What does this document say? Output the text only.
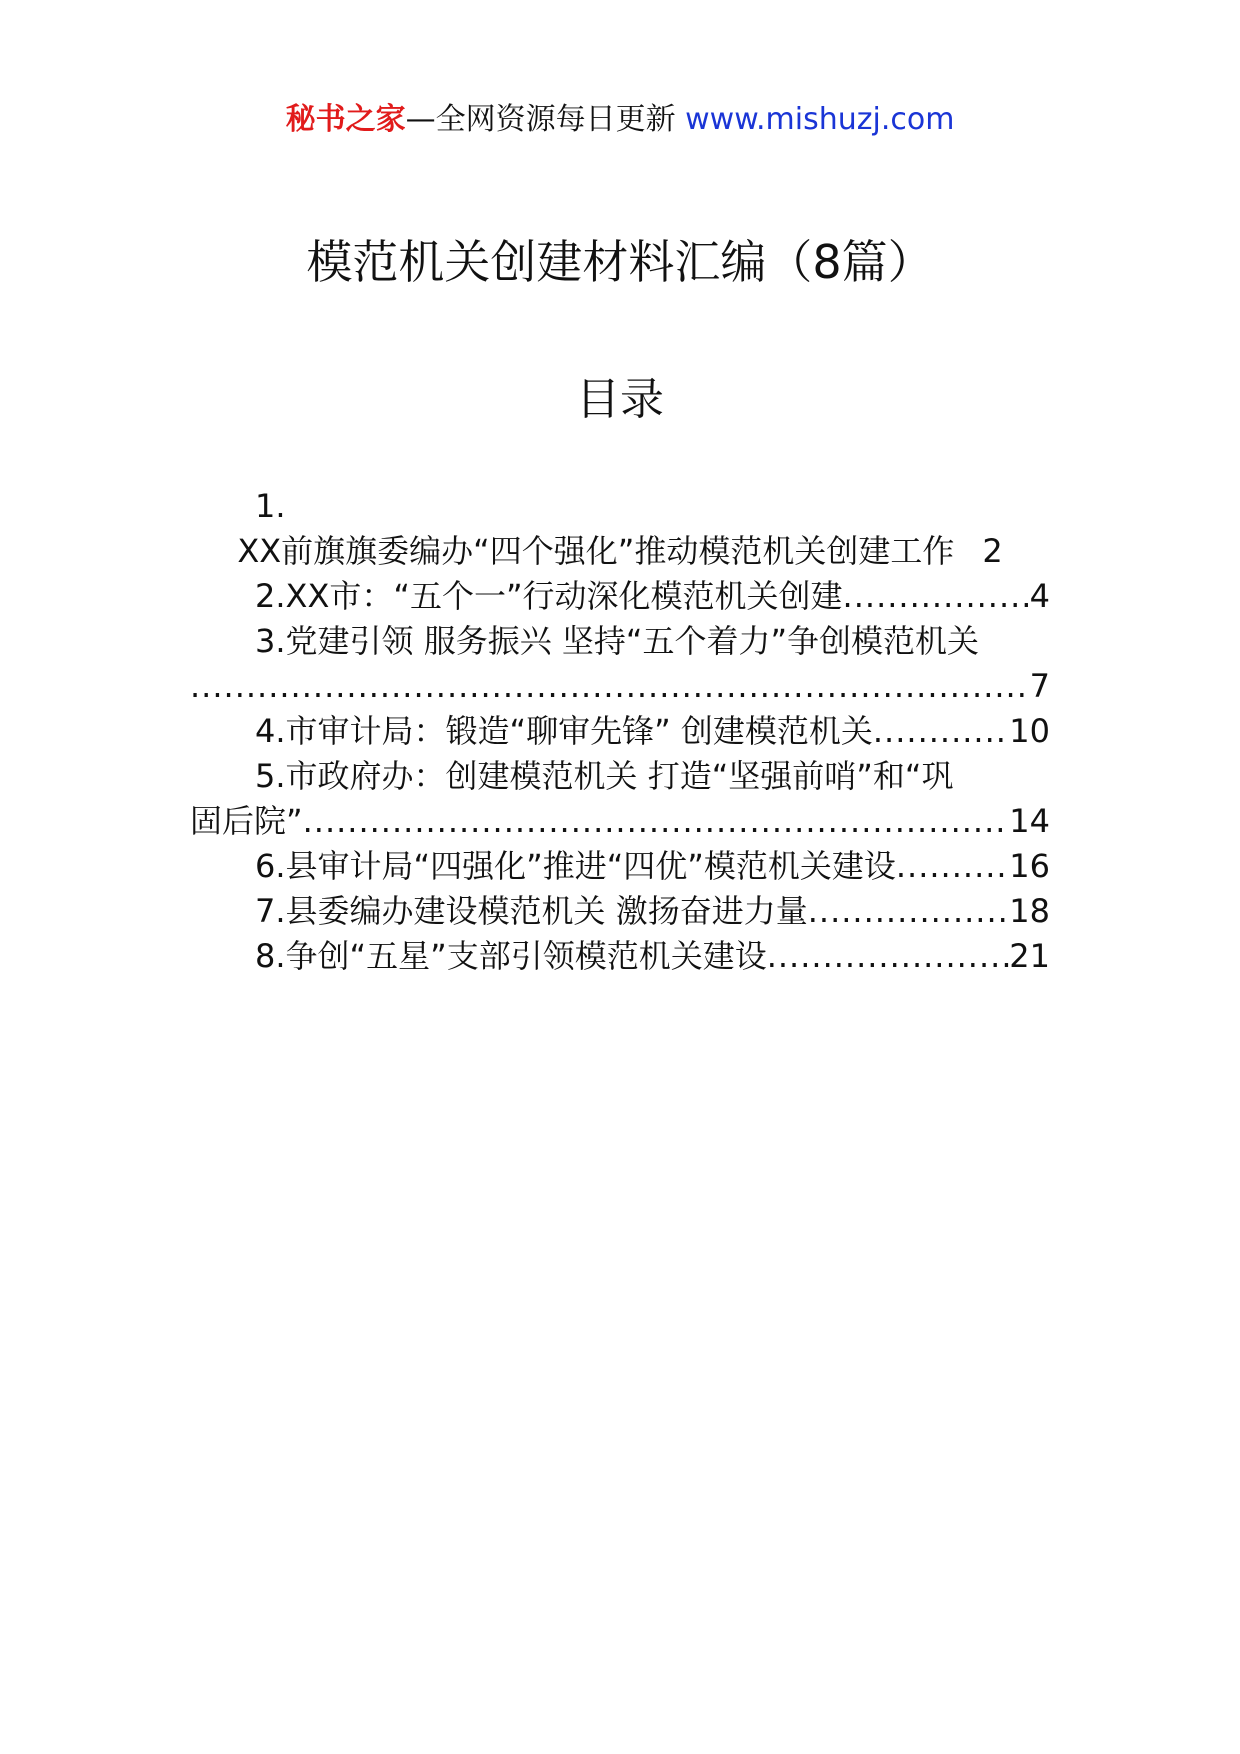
秘书之家—全网资源每日更新 www.mishuzj.com
模范机关创建材料汇编（8篇）
目录
1.
XX前旗旗委编办“四个强化”推动模范机关创建工作 2
2.XX市：“五个一”行动深化模范机关创建 .....	4
3.党建引领 服务振兴 坚持“五个着力”争创模范机关
.....
7
4.市审计局：锻造“聊审先锋” 创建模范机关 .....	10
5.市政府办：创建模范机关 打造“坚强前哨”和“巩
固后院” .....	14
6.县审计局“四强化”推进“四优”模范机关建设 .....	16
7.县委编办建设模范机关 激扬奋进力量 .....	18
8.争创“五星”支部引领模范机关建设 .....	21
